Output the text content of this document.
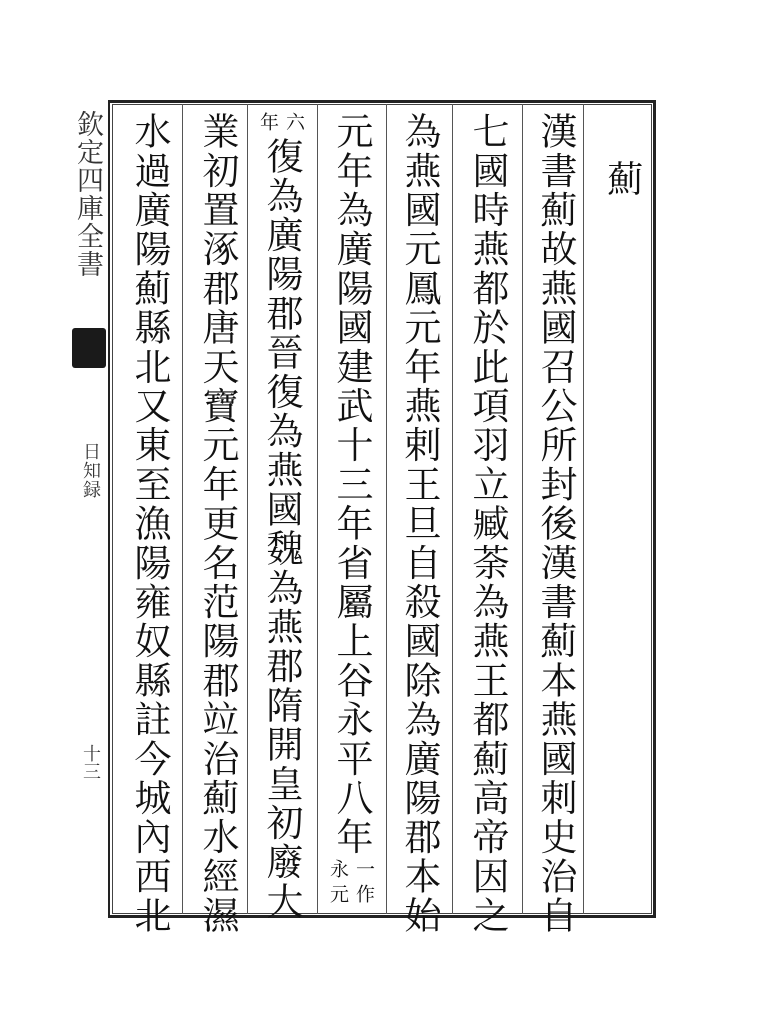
欽定四庫全書
日知録
十三
薊
漢書薊故燕國召公所封後漢書薊本燕國刺史治自
七國時燕都於此項羽立臧荼為燕王都薊高帝因之
為燕國元鳳元年燕剌王旦自殺國除為廣陽郡本始
元年為廣陽國建武十三年省屬上谷永平八年
一作
永元
六
年
復為廣陽郡晉復為燕國魏為燕郡隋開皇初廢大
業初置涿郡唐天寶元年更名范陽郡竝治薊水經濕
水過廣陽薊縣北又東至漁陽雍奴縣註今城內西北
